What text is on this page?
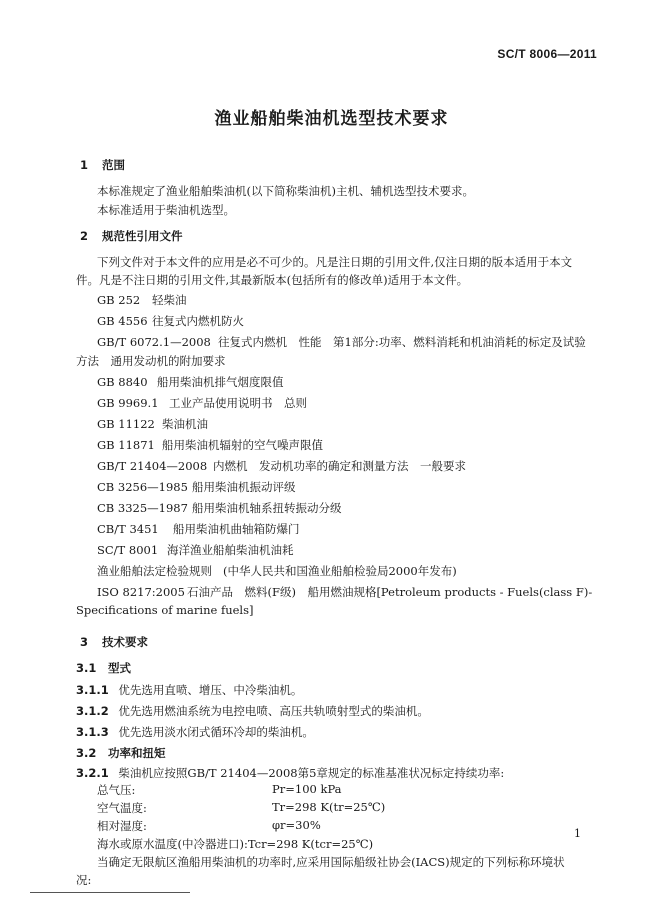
SC/T 8006—2011
渔业船舶柴油机选型技术要求
1 范围
本标准规定了渔业船舶柴油机(以下简称柴油机)主机、辅机选型技术要求。
本标准适用于柴油机选型。
2 规范性引用文件
下列文件对于本文件的应用是必不可少的。凡是注日期的引用文件,仅注日期的版本适用于本文
件。凡是不注日期的引用文件,其最新版本(包括所有的修改单)适用于本文件。
GB 252 轻柴油
GB 4556 往复式内燃机防火
GB/T 6072.1—2008 往复式内燃机　性能　第1部分:功率、燃料消耗和机油消耗的标定及试验
方法　通用发动机的附加要求
GB 8840 船用柴油机排气烟度限值
GB 9969.1 工业产品使用说明书　总则
GB 11122 柴油机油
GB 11871 船用柴油机辐射的空气噪声限值
GB/T 21404—2008 内燃机　发动机功率的确定和测量方法　一般要求
CB 3256—1985 船用柴油机振动评级
CB 3325—1987 船用柴油机轴系扭转振动分级
CB/T 3451 船用柴油机曲轴箱防爆门
SC/T 8001 海洋渔业船舶柴油机油耗
渔业船舶法定检验规则 (中华人民共和国渔业船舶检验局2000年发布)
ISO 8217:2005 石油产品　燃料(F级)　船用燃油规格[Petroleum products - Fuels(class F)-
Specifications of marine fuels]
3 技术要求
3.1 型式
3.1.1 优先选用直喷、增压、中冷柴油机。
3.1.2 优先选用燃油系统为电控电喷、高压共轨喷射型式的柴油机。
3.1.3 优先选用淡水闭式循环冷却的柴油机。
3.2 功率和扭矩
3.2.1 柴油机应按照GB/T 21404—2008第5章规定的标准基准状况标定持续功率:
总气压:	Pr=100 kPa
空气温度:	Tr=298 K(tr=25℃)
相对湿度:	φr=30%
海水或原水温度(中冷器进口):Tcr=298 K(tcr=25℃)
当确定无限航区渔船用柴油机的功率时,应采用国际船级社协会(IACS)规定的下列标称环境状
况:
1
